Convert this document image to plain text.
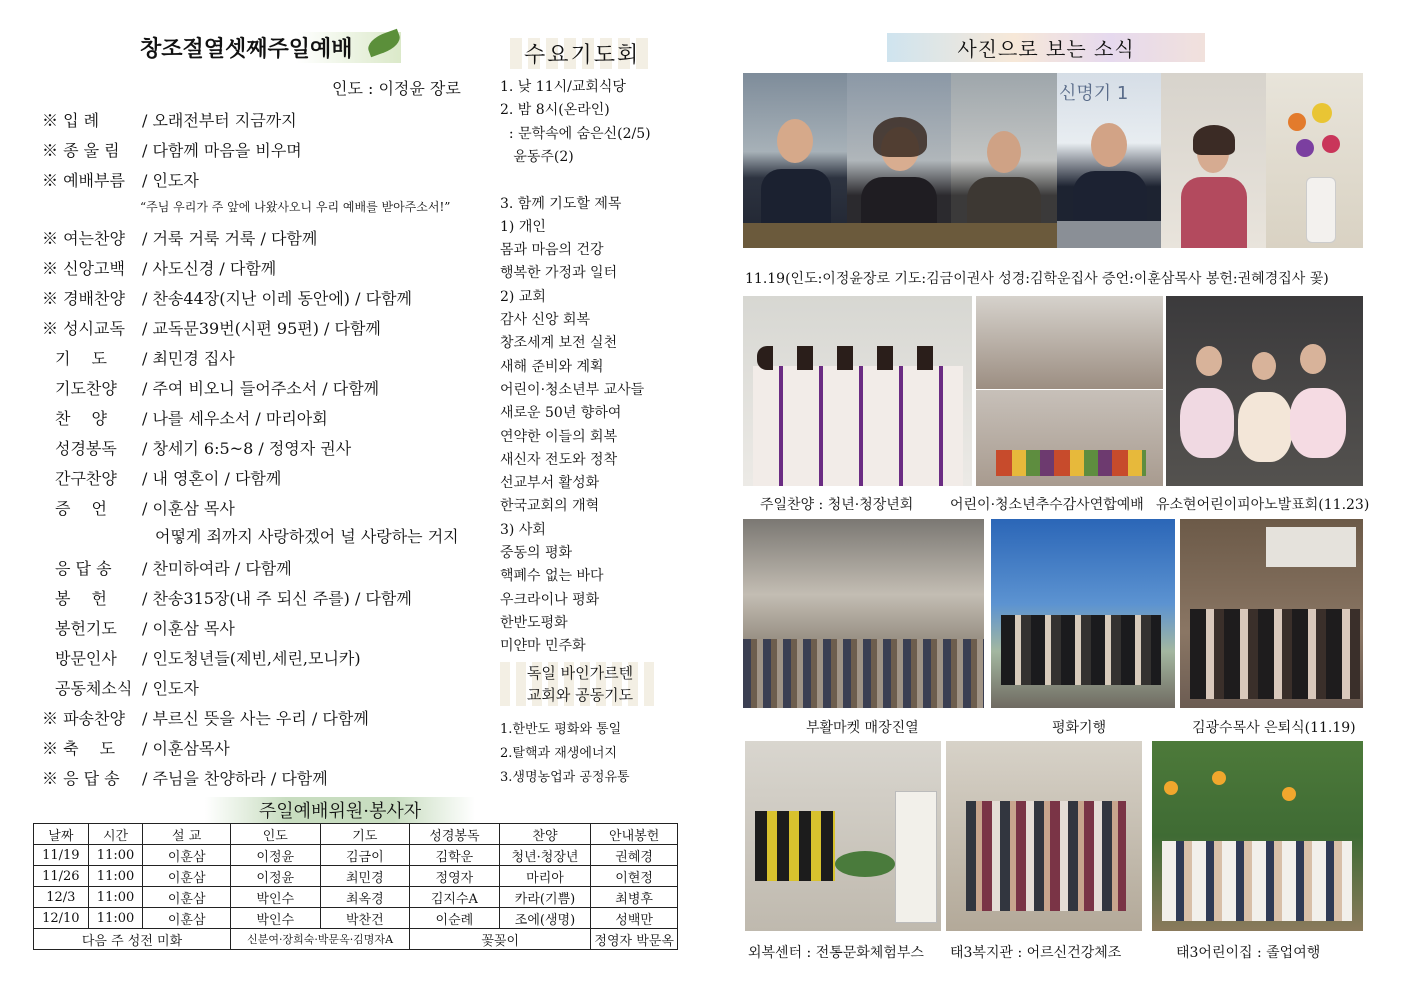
창조절열셋째주일예배
인도 : 이정윤 장로
※ 입 례	/ 오래전부터 지금까지
※ 종 울 림 / 다함께 마음을 비우며
※ 예배부름 / 인도자
※ 여는찬양 / 거룩 거룩 거룩 / 다함께
※ 신앙고백 / 사도신경 / 다함께
※ 경배찬양 / 찬송44장(지난 이레 동안에) / 다함께
※ 성시교독 / 교독문39번(시편 95편) / 다함께
기　 도 / 최민경 집사
기도찬양 / 주여 비오니 들어주소서 / 다함께
찬　 양 / 나를 세우소서 / 마리아회
성경봉독 / 창세기 6:5~8 / 정영자 권사
간구찬양 / 내 영혼이 / 다함께
증　 언 / 이훈삼 목사
응 답 송 / 찬미하여라 / 다함께
봉　 헌 / 찬송315장(내 주 되신 주를) / 다함께
봉헌기도 / 이훈삼 목사
방문인사 / 인도청년들(제빈,세린,모니카)
공동체소식 / 인도자
※ 파송찬양 / 부르신 뜻을 사는 우리 / 다함께
※ 축　 도 / 이훈삼목사
※ 응 답 송 / 주님을 찬양하라 / 다함께
“주님 우리가 주 앞에 나왔사오니 우리 예배를 받아주소서!”
어떻게 죄까지 사랑하겠어 널 사랑하는 거지
주일예배위원·봉사자
날짜	시간	설 교	인도	기도	성경봉독	찬양	안내봉헌
11/19	11:00	이훈삼	이정윤	김금이	김학운	청년·청장년	권혜경
11/26	11:00	이훈삼	이정윤	최민경	정영자	마리아	이현정
12/3	11:00	이훈삼	박인수	최옥경	김지수A	카라(기쁨)	최병후
12/10	11:00	이훈삼	박인수	박찬건	이순례	조에(생명)	성백만
다음 주 성전 미화			신분여·장희숙·박문옥·김명자A		꽃꽂이		정영자 박문옥
수요기도회
1. 낮 11시/교회식당
2. 밤 8시(온라인)
: 문학속에 숨은신(2/5)
윤동주(2)
3. 함께 기도할 제목
1) 개인
몸과 마음의 건강
행복한 가정과 일터
2) 교회
감사 신앙 회복
창조세계 보전 실천
새해 준비와 계획
어린이·청소년부 교사들
새로운 50년 향하여
연약한 이들의 회복
새신자 전도와 정착
선교부서 활성화
한국교회의 개혁
3) 사회
중동의 평화
핵폐수 없는 바다
우크라이나 평화
한반도평화
미얀마 민주화
독일 바인가르텐
교회와 공동기도
1.한반도 평화와 통일
2.탈핵과 재생에너지
3.생명농업과 공정유통
사진으로 보는 소식
신명기 1
11.19(인도:이정윤장로 기도:김금이권사 성경:김학운집사 증언:이훈삼목사 봉헌:권혜경집사 꽃)
주일찬양 : 청년·청장년회	어린이·청소년추수감사연합예배 유소현어린이피아노발표회(11.23)
부활마켓 매장진열	평화기행	김광수목사 은퇴식(11.19)
외복센터 : 전통문화체험부스 태3복지관 : 어르신건강체조	태3어린이집 : 졸업여행
